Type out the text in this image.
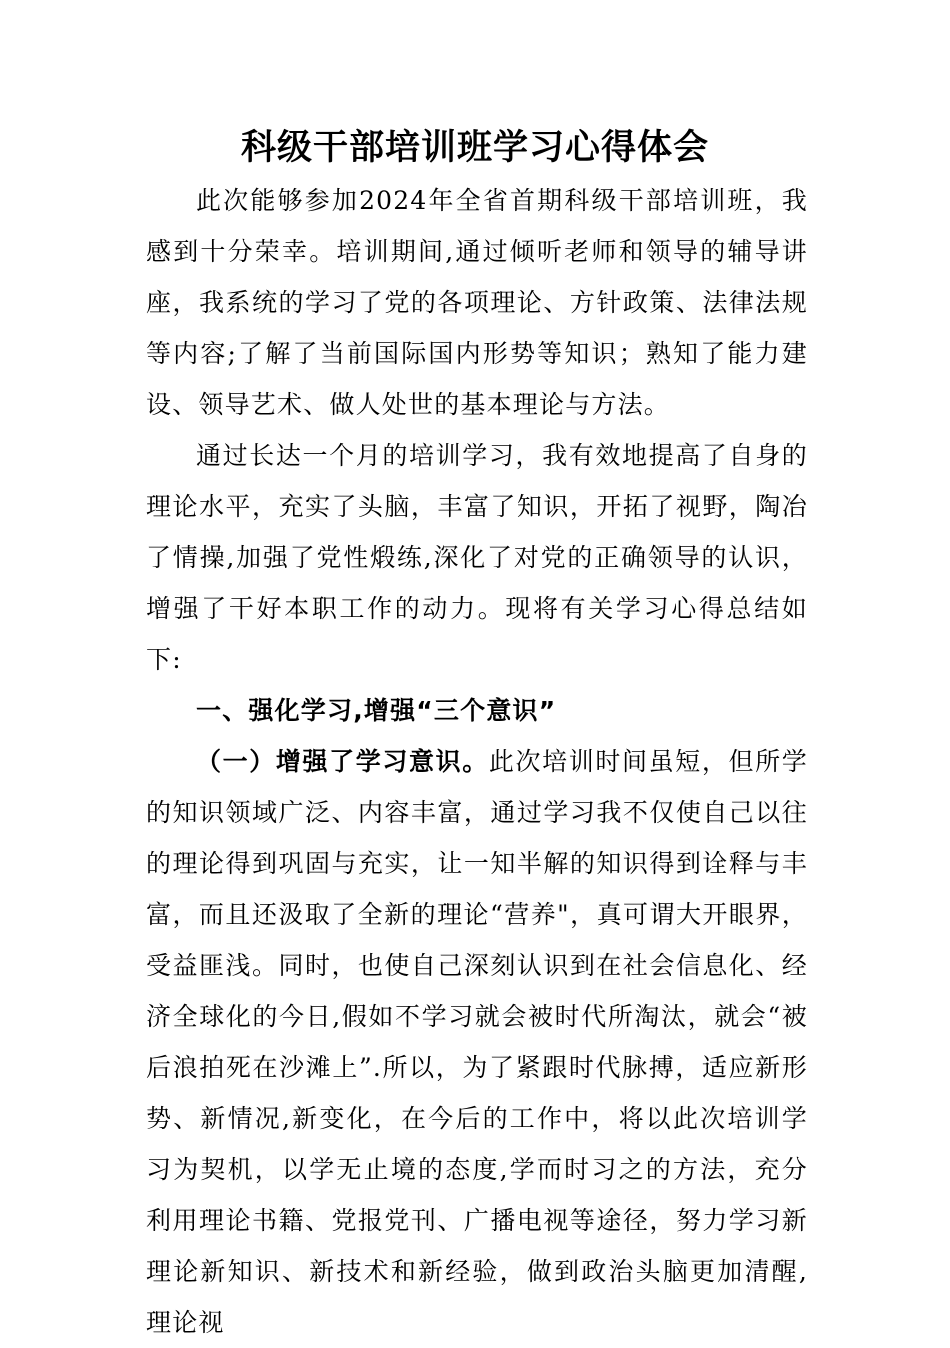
科级干部培训班学习心得体会

此次能够参加2024年全省首期科级干部培训班，我感到十分荣幸。培训期间,通过倾听老师和领导的辅导讲座，我系统的学习了党的各项理论、方针政策、法律法规等内容;了解了当前国际国内形势等知识；熟知了能力建设、领导艺术、做人处世的基本理论与方法。

通过长达一个月的培训学习，我有效地提高了自身的理论水平，充实了头脑，丰富了知识，开拓了视野，陶冶了情操,加强了党性煅练,深化了对党的正确领导的认识，增强了干好本职工作的动力。现将有关学习心得总结如下:

一、强化学习,增强“三个意识”

（一）增强了学习意识。此次培训时间虽短，但所学的知识领域广泛、内容丰富，通过学习我不仅使自己以往的理论得到巩固与充实，让一知半解的知识得到诠释与丰富，而且还汲取了全新的理论“营养"，真可谓大开眼界，受益匪浅。同时，也使自己深刻认识到在社会信息化、经济全球化的今日,假如不学习就会被时代所淘汰，就会“被后浪拍死在沙滩上”.所以，为了紧跟时代脉搏，适应新形势、新情况,新变化，在今后的工作中，将以此次培训学习为契机，以学无止境的态度,学而时习之的方法，充分利用理论书籍、党报党刊、广播电视等途径，努力学习新理论新知识、新技术和新经验，做到政治头脑更加清醒,理论视
